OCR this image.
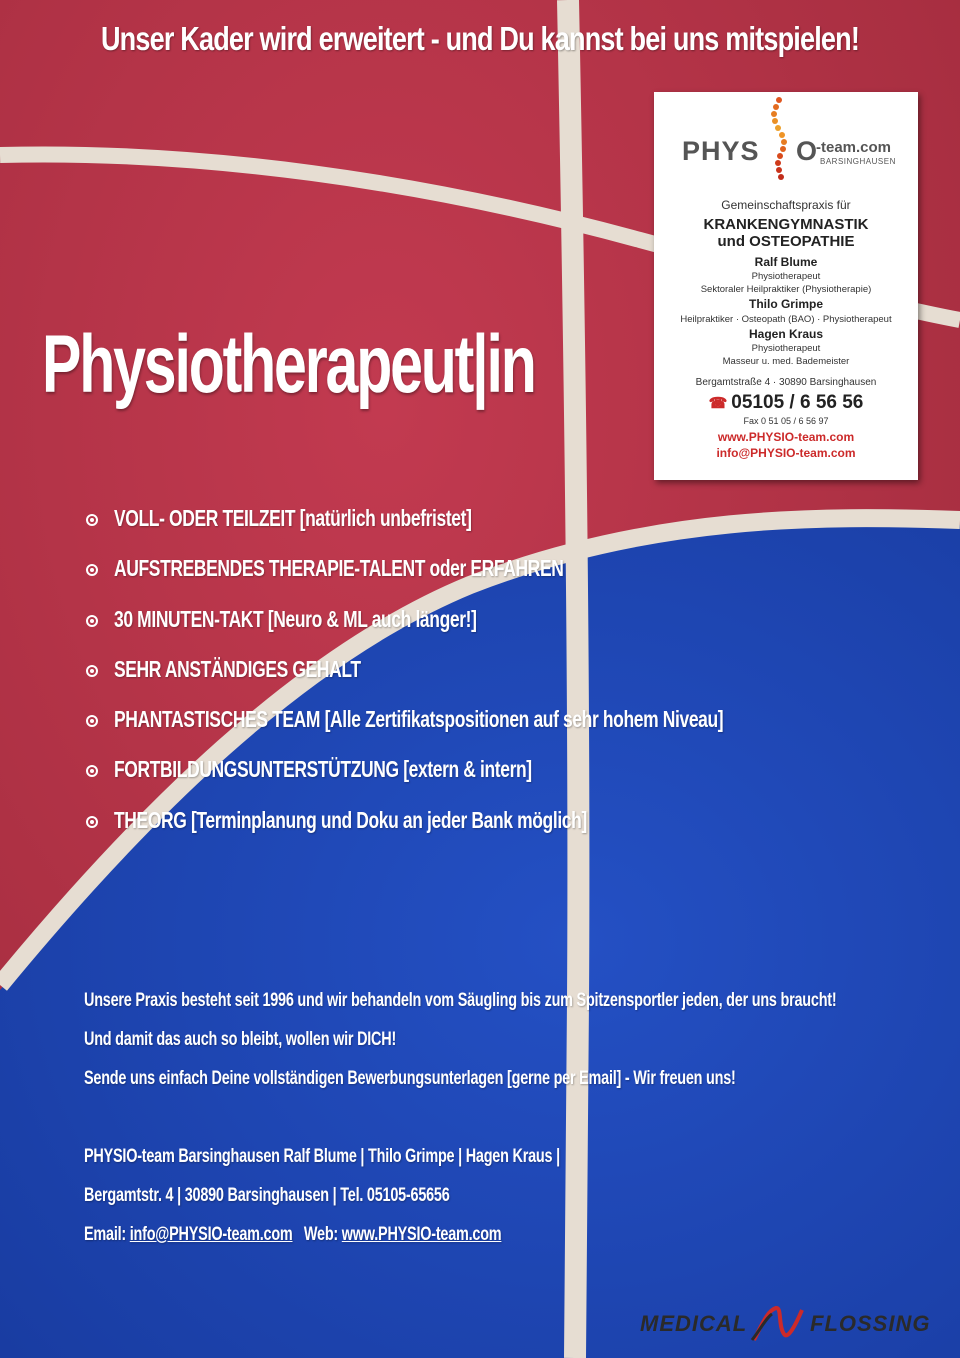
Unser Kader wird erweitert - und Du kannst bei uns mitspielen!
Physiotherapeut|in
PHYS O
-team.com
BARSINGHAUSEN
Gemeinschaftspraxis für
KRANKENGYMNASTIK
und OSTEOPATHIE
Ralf Blume
Physiotherapeut
Sektoraler Heilpraktiker (Physiotherapie)
Thilo Grimpe
Heilpraktiker · Osteopath (BAO) · Physiotherapeut
Hagen Kraus
Physiotherapeut
Masseur u. med. Bademeister
Bergamtstraße 4 · 30890 Barsinghausen
☎ 05105 / 6 56 56
Fax 0 51 05 / 6 56 97
www.PHYSIO-team.com
info@PHYSIO-team.com
VOLL- ODER TEILZEIT [natürlich unbefristet]
AUFSTREBENDES THERAPIE-TALENT oder ERFAHREN
30 MINUTEN-TAKT [Neuro & ML auch länger!]
SEHR ANSTÄNDIGES GEHALT
PHANTASTISCHES TEAM [Alle Zertifikatspositionen auf sehr hohem Niveau]
FORTBILDUNGSUNTERSTÜTZUNG [extern & intern]
THEORG [Terminplanung und Doku an jeder Bank möglich]
Unsere Praxis besteht seit 1996 und wir behandeln vom Säugling bis zum Spitzensportler jeden, der uns braucht!
Und damit das auch so bleibt, wollen wir DICH!
Sende uns einfach Deine vollständigen Bewerbungsunterlagen [gerne per Email] - Wir freuen uns!
PHYSIO-team Barsinghausen Ralf Blume | Thilo Grimpe | Hagen Kraus |
Bergamtstr. 4 | 30890 Barsinghausen | Tel. 05105-65656
Email: info@PHYSIO-team.com   Web: www.PHYSIO-team.com
MEDICAL	FLOSSING
